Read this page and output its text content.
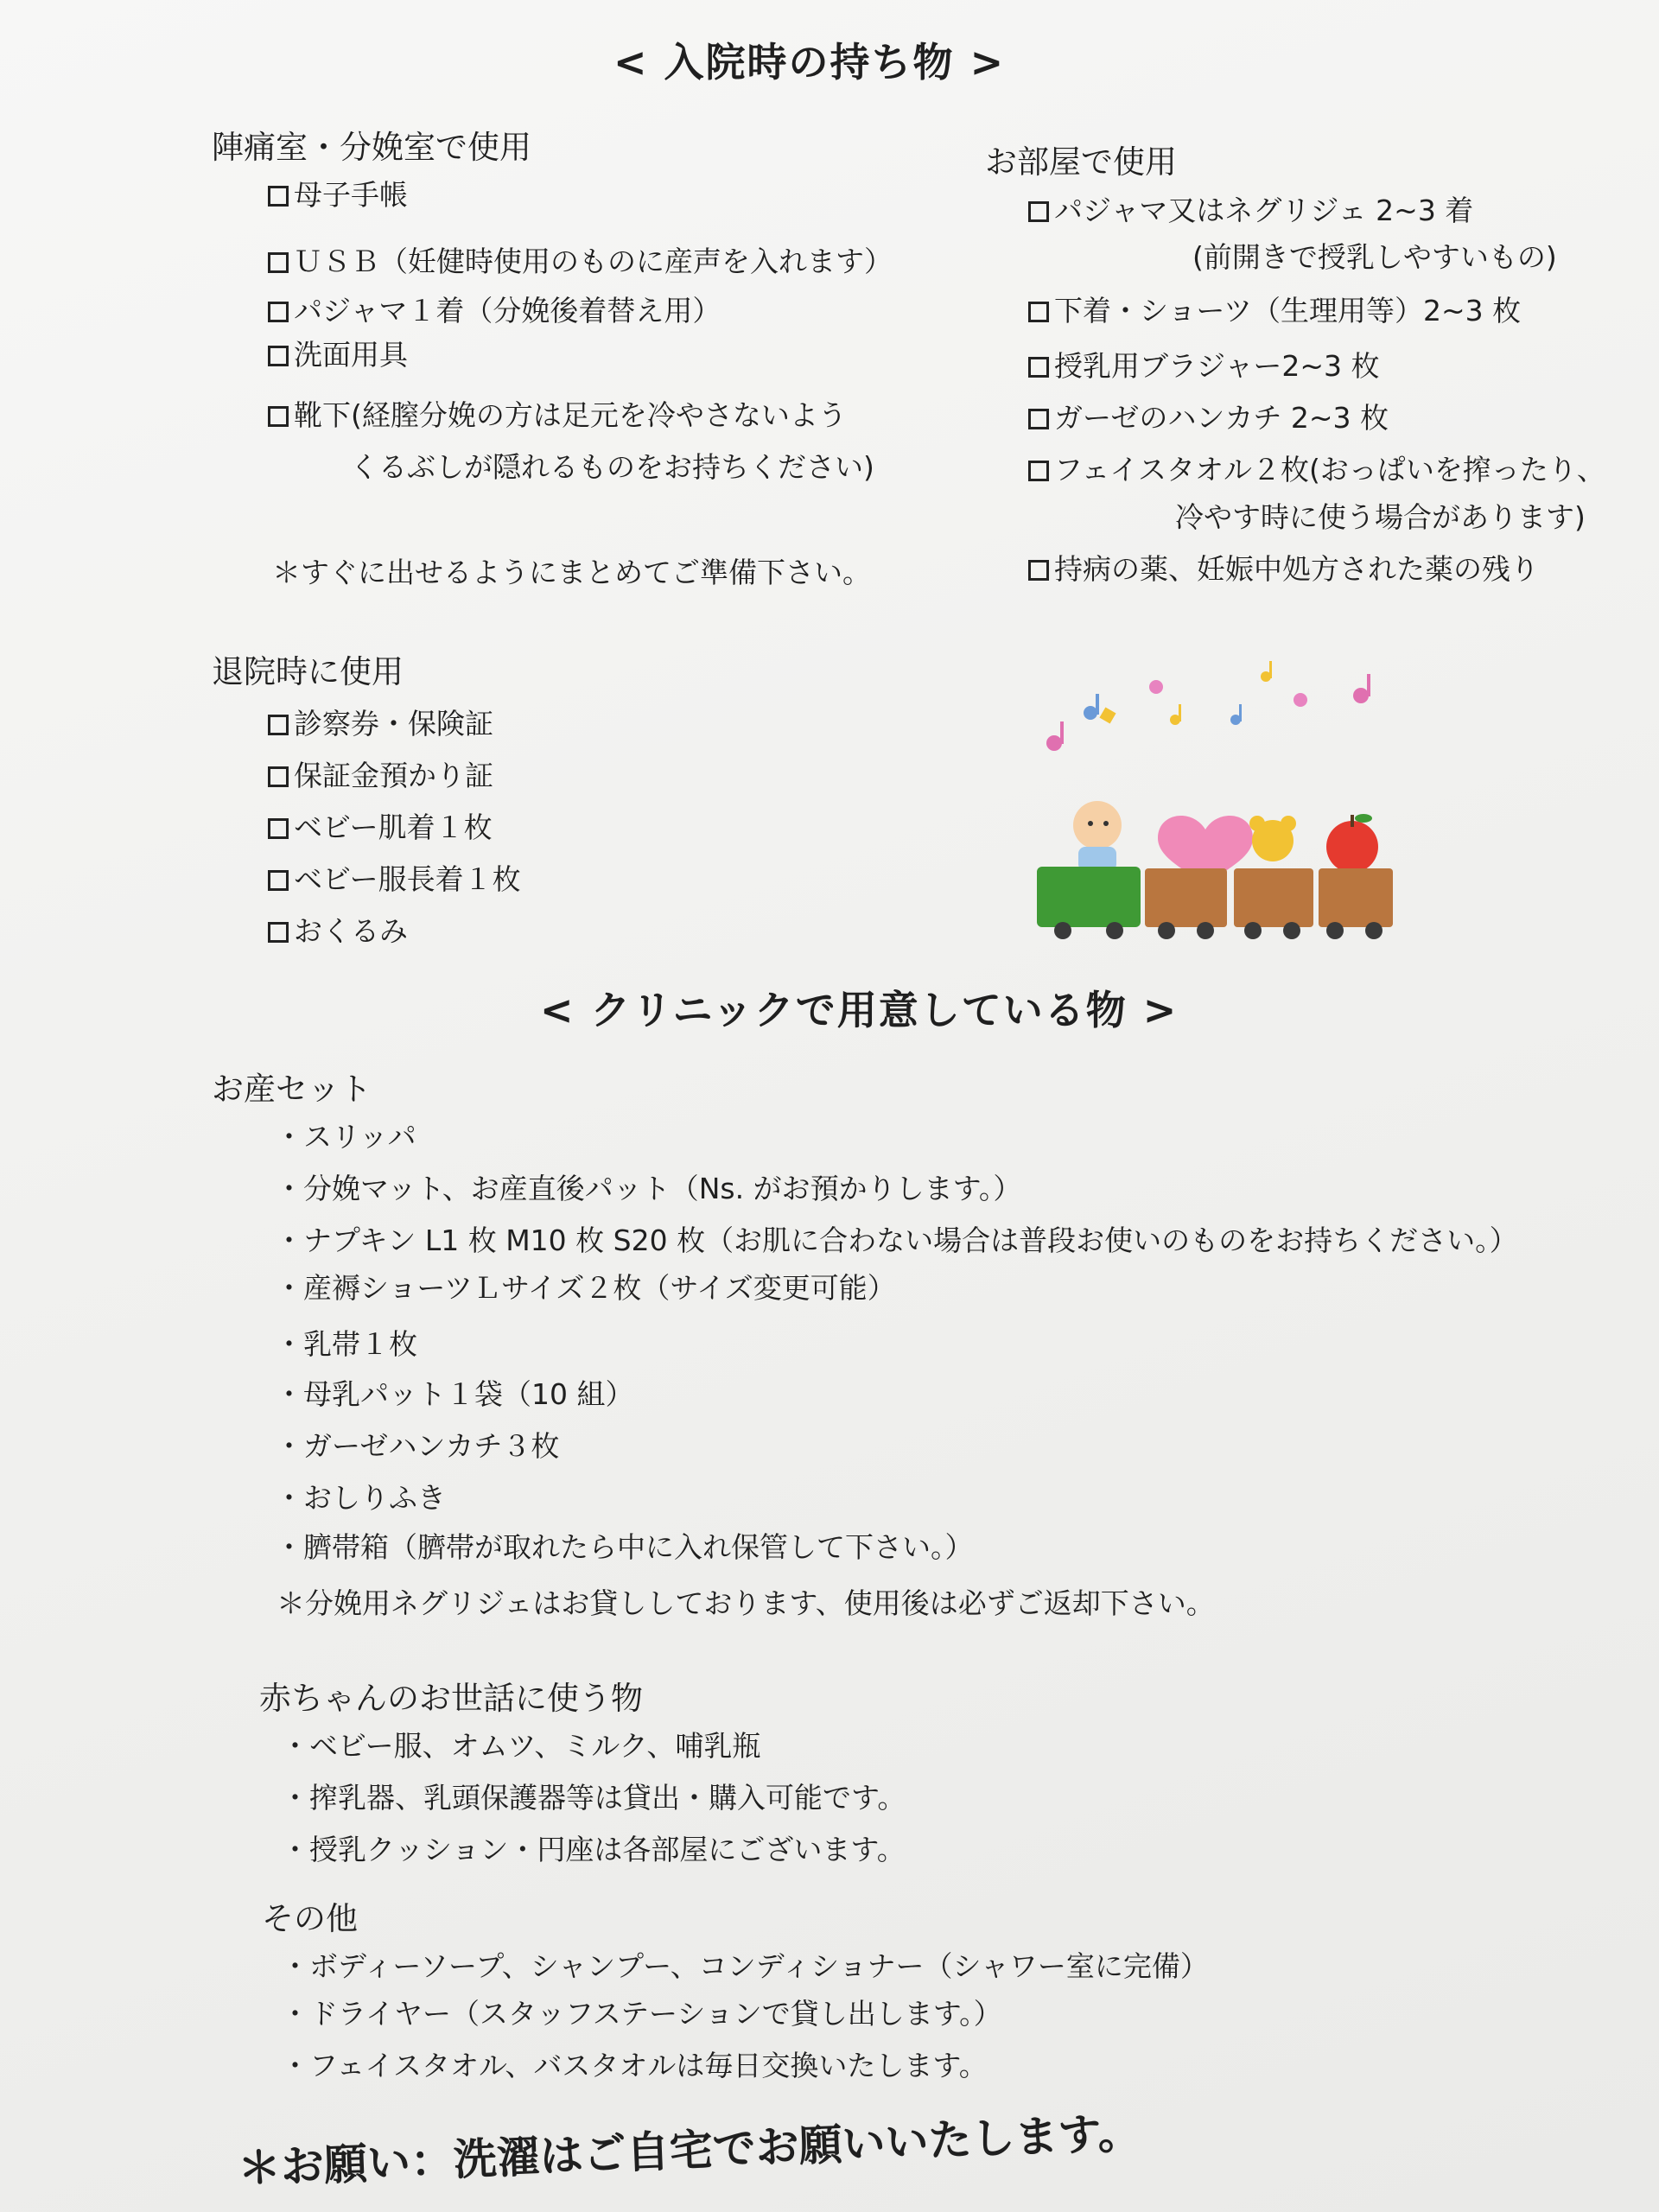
< 入院時の持ち物 >
陣痛室・分娩室で使用
母子手帳
ＵＳＢ（妊健時使用のものに産声を入れます）
パジャマ１着（分娩後着替え用）
洗面用具
靴下(経膣分娩の方は足元を冷やさないよう
くるぶしが隠れるものをお持ちください)
＊すぐに出せるようにまとめてご準備下さい。
お部屋で使用
パジャマ又はネグリジェ 2~3 着
(前開きで授乳しやすいもの)
下着・ショーツ（生理用等）2~3 枚
授乳用ブラジャー2~3 枚
ガーゼのハンカチ 2~3 枚
フェイスタオル２枚(おっぱいを搾ったり、
冷やす時に使う場合があります)
持病の薬、妊娠中処方された薬の残り
退院時に使用
診察券・保険証
保証金預かり証
ベビー肌着１枚
ベビー服長着１枚
おくるみ
< クリニックで用意している物 >
お産セット
・スリッパ
・分娩マット、お産直後パット（Ns. がお預かりします。）
・ナプキン L1 枚 M10 枚 S20 枚（お肌に合わない場合は普段お使いのものをお持ちください。）
・産褥ショーツＬサイズ２枚（サイズ変更可能）
・乳帯１枚
・母乳パット１袋（10 組）
・ガーゼハンカチ３枚
・おしりふき
・臍帯箱（臍帯が取れたら中に入れ保管して下さい。）
＊分娩用ネグリジェはお貸ししております、使用後は必ずご返却下さい。
赤ちゃんのお世話に使う物
・ベビー服、オムツ、ミルク、哺乳瓶
・搾乳器、乳頭保護器等は貸出・購入可能です。
・授乳クッション・円座は各部屋にございます。
その他
・ボディーソープ、シャンプー、コンディショナー（シャワー室に完備）
・ドライヤー（スタッフステーションで貸し出します。）
・フェイスタオル、バスタオルは毎日交換いたします。
＊お願い：洗濯はご自宅でお願いいたします。
